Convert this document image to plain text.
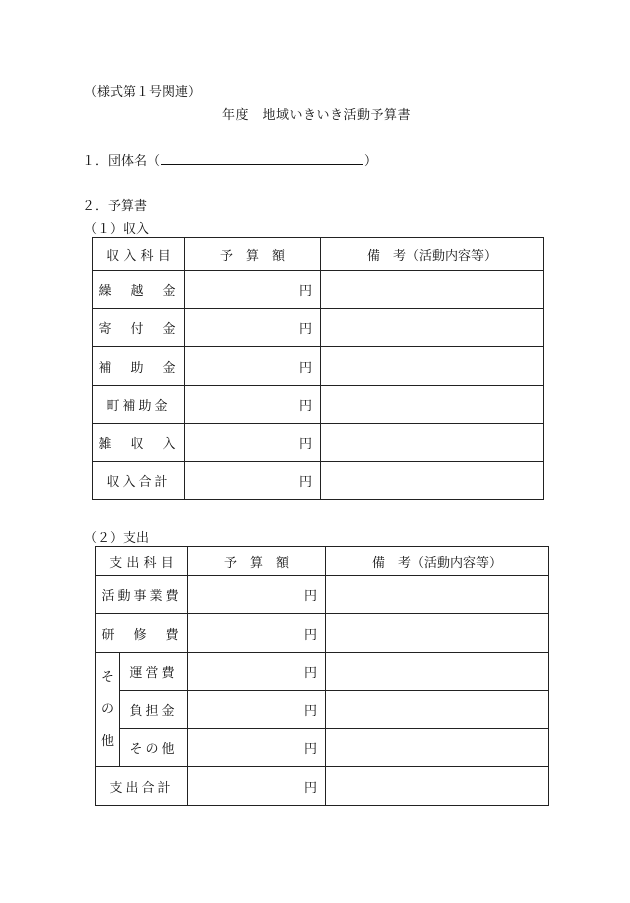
（様式第１号関連）
年度　地域いきいき活動予算書
１．団体名（	）
２．予算書
（１）収入
収 入 科 目	予　算　額	備　考（活動内容等）
繰　越　金	円	
寄　付　金	円	
補　助　金	円	
町補助金	円	
雑　収　入	円	
収入合計	円	
（２）支出
支 出 科 目		予　算　額	備　考（活動内容等）
活動事業費		円	
研　修　費		円	
そ
の
他	運営費	円	
	負担金	円	
	その他	円	
支出合計		円	
